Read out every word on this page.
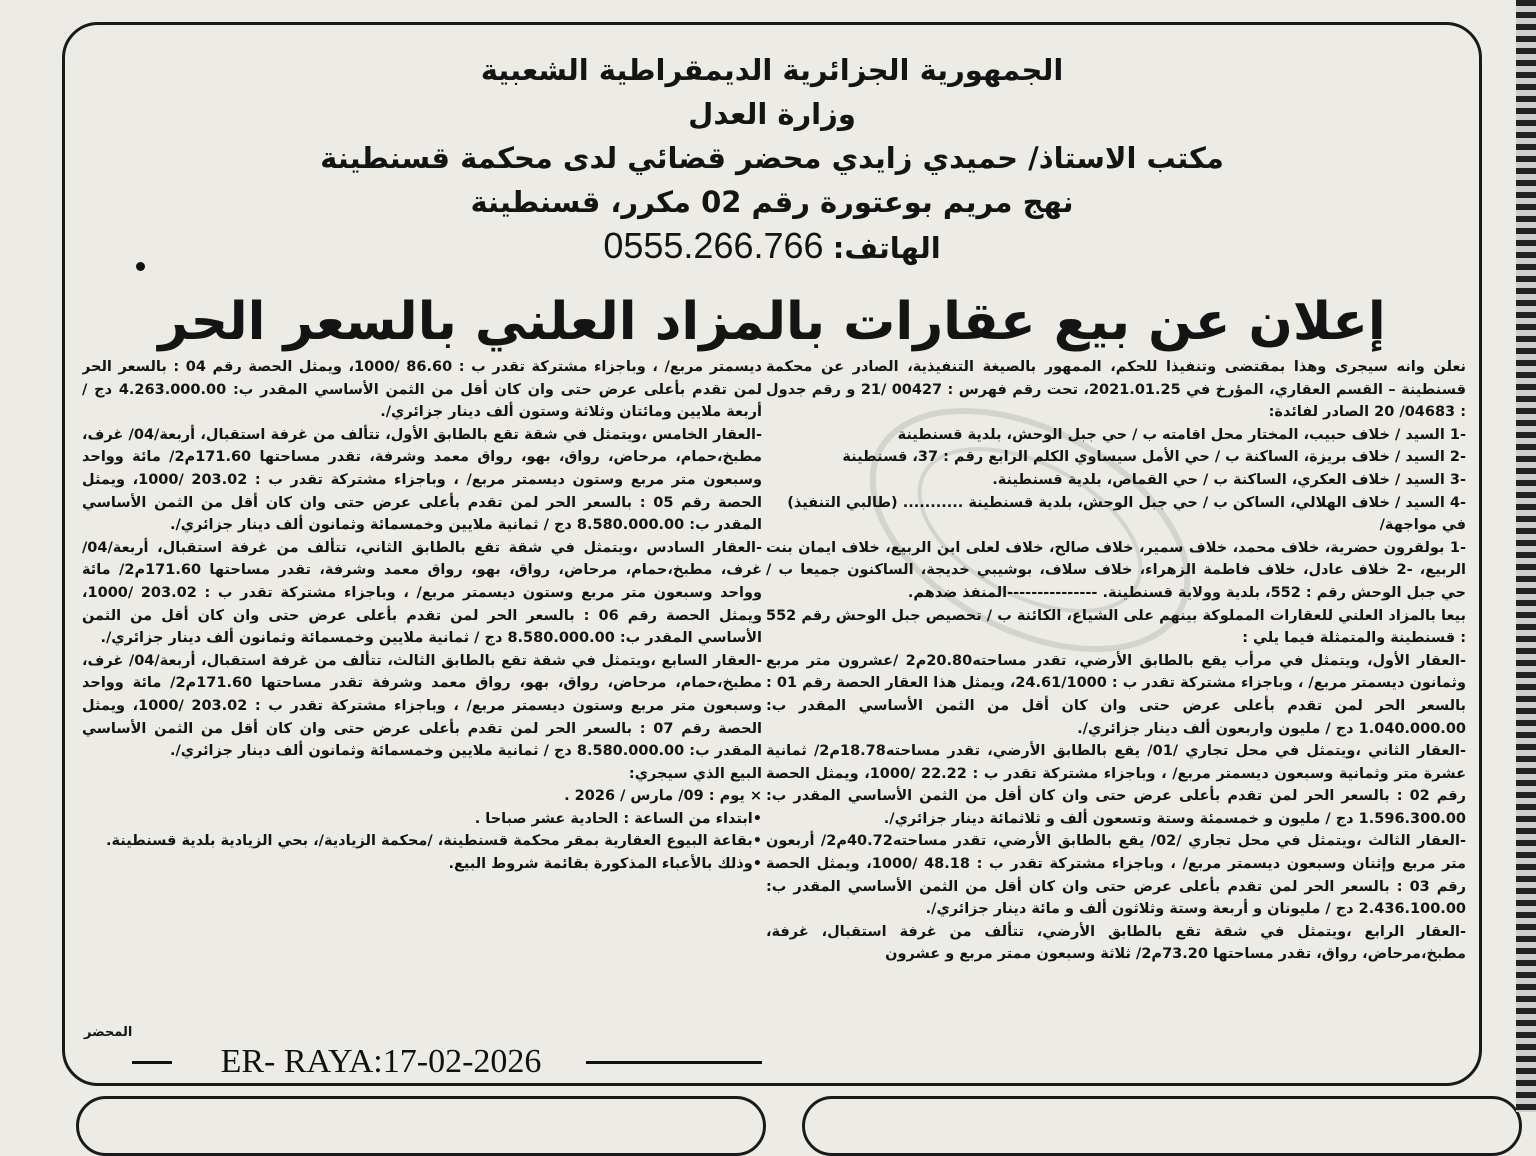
الجمهورية الجزائرية الديمقراطية الشعبية

وزارة العدل

مكتب الاستاذ/ حميدي زايدي محضر قضائي لدى محكمة قسنطينة

نهج مريم بوعتورة رقم 02 مكرر، قسنطينة

الهاتف: 0555.266.766
إعلان عن بيع عقارات بالمزاد العلني بالسعر الحر

نعلن وانه سيجرى وهذا بمقتضى وتنفيذا للحكم، الممهور بالصيغة التنفيذية، الصادر عن محكمة قسنطينة – القسم العقاري، المؤرخ في 2021.01.25، تحت رقم فهرس : 00427 /21 و رقم جدول : 04683/ 20 الصادر لفائدة:

-1 السيد / خلاف حبيب، المختار محل اقامته ب / حي جبل الوحش، بلدية قسنطينة

-2 السيد / خلاف بريزة، الساكنة ب / حي الأمل سيساوي الكلم الرابع رقم : 37، قسنطينة

-3 السيد / خلاف العكري، الساكنة ب / حي القماص، بلدية قسنطينة.

-4 السيد / خلاف الهلالي، الساكن ب / حي جبل الوحش، بلدية قسنطينة ........... (طالبي التنفيذ)

في مواجهة/

-1 بولقرون حضرية، خلاف محمد، خلاف سمير، خلاف صالح، خلاف لعلى ابن الربيع، خلاف ايمان بنت الربيع، -2 خلاف عادل، خلاف فاطمة الزهراء، خلاف سلاف، بوشيبي خديجة، الساكنون جميعا ب / حي جبل الوحش رقم : 552، بلدية وولاية قسنطينة. ---------------المنفذ ضدهم.

بيعا بالمزاد العلني للعقارات المملوكة بينهم على الشياع، الكائنة ب / تحصيص جبل الوحش رقم 552 : قسنطينة والمتمثلة فيما يلي :

-العقار الأول، ويتمثل في مرأب يقع بالطابق الأرضي، تقدر مساحته20.80م2 /عشرون متر مربع وثمانون ديسمتر مربع/ ، وباجزاء مشتركة تقدر ب : 24.61/1000، ويمثل هذا العقار الحصة رقم 01 : بالسعر الحر لمن تقدم بأعلى عرض حتى وان كان أقل من الثمن الأساسي المقدر ب: 1.040.000.00 دج / مليون واربعون ألف دينار جزائري/.

-العقار الثاني ،ويتمثل في محل تجاري /01/ يقع بالطابق الأرضي، تقدر مساحته18.78م2/ ثمانية عشرة متر وثمانية وسبعون ديسمتر مربع/ ، وباجزاء مشتركة تقدر ب : 22.22 /1000، ويمثل الحصة رقم 02 : بالسعر الحر لمن تقدم بأعلى عرض حتى وان كان أقل من الثمن الأساسي المقدر ب: 1.596.300.00 دج / مليون و خمسمئة وستة وتسعون ألف و ثلاثمائة دينار جزائري/.

-العقار الثالث ،ويتمثل في محل تجاري /02/ يقع بالطابق الأرضي، تقدر مساحته40.72م2/ أربعون متر مربع وإثنان وسبعون ديسمتر مربع/ ، وباجزاء مشتركة تقدر ب : 48.18 /1000، ويمثل الحصة رقم 03 : بالسعر الحر لمن تقدم بأعلى عرض حتى وان كان أقل من الثمن الأساسي المقدر ب: 2.436.100.00 دج / مليونان و أربعة وستة وثلاثون ألف و مائة دينار جزائري/.

-العقار الرابع ،ويتمثل في شقة تقع بالطابق الأرضي، تتألف من غرفة استقبال، غرفة، مطبخ،مرحاض، رواق، تقدر مساحتها 73.20م2/ ثلاثة وسبعون ممتر مربع و عشرون

ديسمتر مربع/ ، وباجزاء مشتركة تقدر ب : 86.60 /1000، ويمثل الحصة رقم 04 : بالسعر الحر لمن تقدم بأعلى عرض حتى وان كان أقل من الثمن الأساسي المقدر ب: 4.263.000.00 دج / أربعة ملايين ومائتان وثلاثة وستون ألف دينار جزائري/.

-العقار الخامس ،ويتمثل في شقة تقع بالطابق الأول، تتألف من غرفة استقبال، أربعة/04/ غرف، مطبخ،حمام، مرحاض، رواق، بهو، رواق معمد وشرفة، تقدر مساحتها 171.60م2/ مائة وواحد وسبعون متر مربع وستون ديسمتر مربع/ ، وباجزاء مشتركة تقدر ب : 203.02 /1000، ويمثل الحصة رقم 05 : بالسعر الحر لمن تقدم بأعلى عرض حتى وان كان أقل من الثمن الأساسي المقدر ب: 8.580.000.00 دج / ثمانية ملايين وخمسمائة وثمانون ألف دينار جزائري/.

-العقار السادس ،ويتمثل في شقة تقع بالطابق الثاني، تتألف من غرفة استقبال، أربعة/04/ غرف، مطبخ،حمام، مرحاض، رواق، بهو، رواق معمد وشرفة، تقدر مساحتها 171.60م2/ مائة وواحد وسبعون متر مربع وستون ديسمتر مربع/ ، وباجزاء مشتركة تقدر ب : 203.02 /1000، ويمثل الحصة رقم 06 : بالسعر الحر لمن تقدم بأعلى عرض حتى وان كان أقل من الثمن الأساسي المقدر ب: 8.580.000.00 دج / ثمانية ملايين وخمسمائة وثمانون ألف دينار جزائري/.

-العقار السابع ،ويتمثل في شقة تقع بالطابق الثالث، تتألف من غرفة استقبال، أربعة/04/ غرف، مطبخ،حمام، مرحاض، رواق، بهو، رواق معمد وشرفة تقدر مساحتها 171.60م2/ مائة وواحد وسبعون متر مربع وستون ديسمتر مربع/ ، وباجزاء مشتركة تقدر ب : 203.02 /1000، ويمثل الحصة رقم 07 : بالسعر الحر لمن تقدم بأعلى عرض حتى وان كان أقل من الثمن الأساسي المقدر ب: 8.580.000.00 دج / ثمانية ملايين وخمسمائة وثمانون ألف دينار جزائري/.

البيع الذي سيجري:

× يوم : 09/ مارس / 2026 .

•ابتداء من الساعة : الحادية عشر صباحا .

•بقاعة البيوع العقارية بمقر محكمة قسنطينة، /محكمة الزيادية/، بحي الزيادية بلدية قسنطينة.

•وذلك بالأعباء المذكورة بقائمة شروط البيع.

المحضر
ER- RAYA:17-02-2026
